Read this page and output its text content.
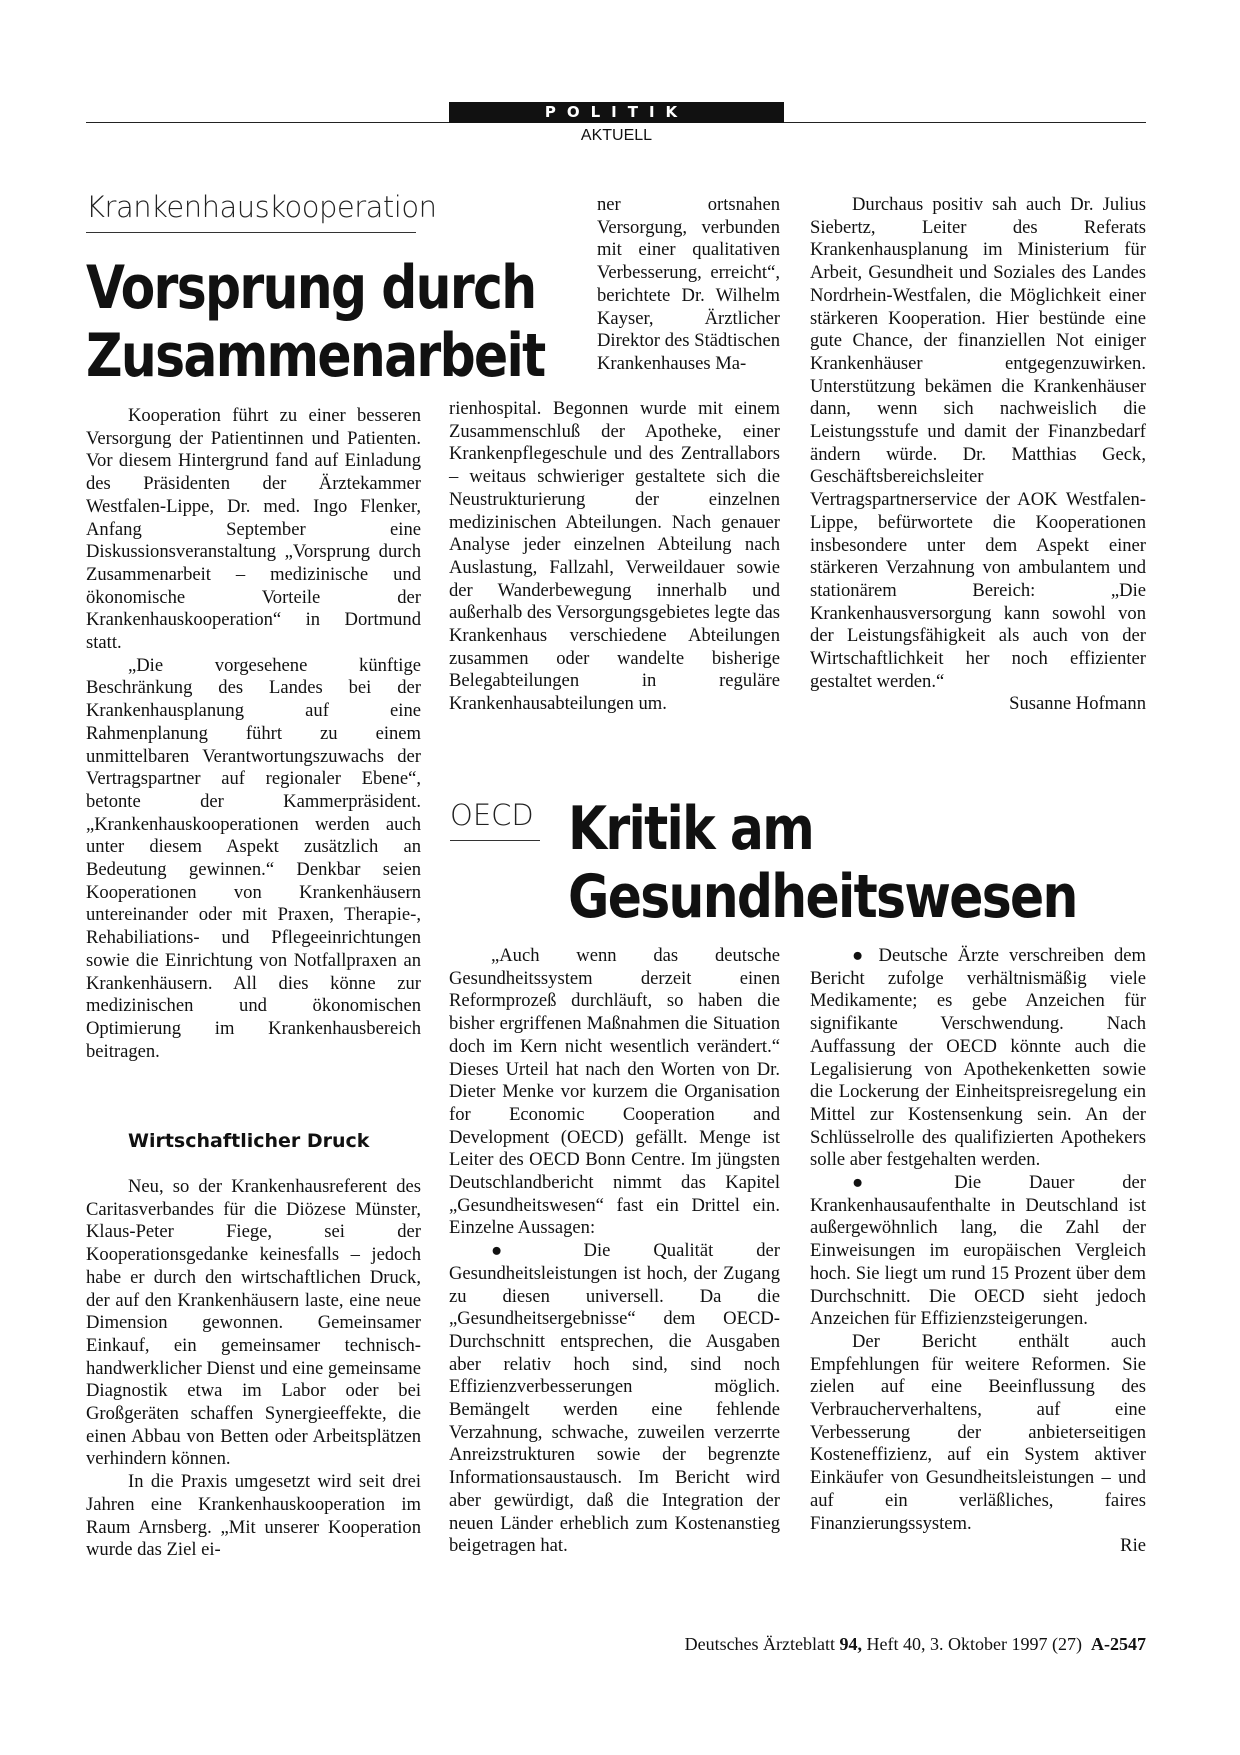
POLITIK
AKTUELL
Krankenhauskooperation
Vorsprung durch
Zusammenarbeit

Kooperation führt zu einer besseren Versorgung der Patientinnen und Patienten. Vor diesem Hintergrund fand auf Einladung des Präsidenten der Ärztekammer Westfalen-Lippe, Dr. med. Ingo Flenker, Anfang September eine Diskussionsveranstaltung „Vorsprung durch Zusammenarbeit – medizinische und ökonomische Vorteile der Krankenhauskooperation“ in Dortmund statt.

„Die vorgesehene künftige Beschränkung des Landes bei der Krankenhausplanung auf eine Rahmenplanung führt zu einem unmittelbaren Verantwortungszuwachs der Vertragspartner auf regionaler Ebene“, betonte der Kammerpräsident. „Krankenhauskooperationen werden auch unter diesem Aspekt zusätzlich an Bedeutung gewinnen.“ Denkbar seien Kooperationen von Krankenhäusern untereinander oder mit Praxen, Therapie-, Rehabiliations- und Pflegeeinrichtungen sowie die Einrichtung von Notfallpraxen an Krankenhäusern. All dies könne zur medizinischen und ökonomischen Optimierung im Krankenhausbereich beitragen.

Wirtschaftlicher Druck

Neu, so der Krankenhausreferent des Caritasverbandes für die Diözese Münster, Klaus-Peter Fiege, sei der Kooperationsgedanke keinesfalls – jedoch habe er durch den wirtschaftlichen Druck, der auf den Krankenhäusern laste, eine neue Dimension gewonnen. Gemeinsamer Einkauf, ein gemeinsamer technisch-handwerklicher Dienst und eine gemeinsame Diagnostik etwa im Labor oder bei Großgeräten schaffen Synergieeffekte, die einen Abbau von Betten oder Arbeitsplätzen verhindern können.

In die Praxis umgesetzt wird seit drei Jahren eine Krankenhauskooperation im Raum Arnsberg. „Mit unserer Kooperation wurde das Ziel ei-

ner ortsnahen Versorgung, verbunden mit einer qualitativen Verbesserung, erreicht“, berichtete Dr. Wilhelm Kayser, Ärztlicher Direktor des Städtischen Krankenhauses Ma-

rienhospital. Begonnen wurde mit einem Zusammenschluß der Apotheke, einer Krankenpflegeschule und des Zentrallabors – weitaus schwieriger gestaltete sich die Neustrukturierung der einzelnen medizinischen Abteilungen. Nach genauer Analyse jeder einzelnen Abteilung nach Auslastung, Fallzahl, Verweildauer sowie der Wanderbewegung innerhalb und außerhalb des Versorgungsgebietes legte das Krankenhaus verschiedene Abteilungen zusammen oder wandelte bisherige Belegabteilungen in reguläre Krankenhausabteilungen um.

Durchaus positiv sah auch Dr. Julius Siebertz, Leiter des Referats Krankenhausplanung im Ministerium für Arbeit, Gesundheit und Soziales des Landes Nordrhein-Westfalen, die Möglichkeit einer stärkeren Kooperation. Hier bestünde eine gute Chance, der finanziellen Not einiger Krankenhäuser entgegenzuwirken. Unterstützung bekämen die Krankenhäuser dann, wenn sich nachweislich die Leistungsstufe und damit der Finanzbedarf ändern würde. Dr. Matthias Geck, Geschäftsbereichsleiter Vertragspartnerservice der AOK Westfalen-Lippe, befürwortete die Kooperationen insbesondere unter dem Aspekt einer stärkeren Verzahnung von ambulantem und stationärem Bereich: „Die Krankenhausversorgung kann sowohl von der Leistungsfähigkeit als auch von der Wirtschaftlichkeit her noch effizienter gestaltet werden.“

Susanne Hofmann
OECD Kritik am
Gesundheitswesen

„Auch wenn das deutsche Gesundheitssystem derzeit einen Reformprozeß durchläuft, so haben die bisher ergriffenen Maßnahmen die Situation doch im Kern nicht wesentlich verändert.“ Dieses Urteil hat nach den Worten von Dr. Dieter Menke vor kurzem die Organisation for Economic Cooperation and Development (OECD) gefällt. Menge ist Leiter des OECD Bonn Centre. Im jüngsten Deutschlandbericht nimmt das Kapitel „Gesundheitswesen“ fast ein Drittel ein. Einzelne Aussagen:

● Die Qualität der Gesundheitsleistungen ist hoch, der Zugang zu diesen universell. Da die „Gesundheitsergebnisse“ dem OECD-Durchschnitt entsprechen, die Ausgaben aber relativ hoch sind, sind noch Effizienzverbesserungen möglich. Bemängelt werden eine fehlende Verzahnung, schwache, zuweilen verzerrte Anreizstrukturen sowie der begrenzte Informationsaustausch. Im Bericht wird aber gewürdigt, daß die Integration der neuen Länder erheblich zum Kostenanstieg beigetragen hat.

● Deutsche Ärzte verschreiben dem Bericht zufolge verhältnismäßig viele Medikamente; es gebe Anzeichen für signifikante Verschwendung. Nach Auffassung der OECD könnte auch die Legalisierung von Apothekenketten sowie die Lockerung der Einheitspreisregelung ein Mittel zur Kostensenkung sein. An der Schlüsselrolle des qualifizierten Apothekers solle aber festgehalten werden.

● Die Dauer der Krankenhausaufenthalte in Deutschland ist außergewöhnlich lang, die Zahl der Einweisungen im europäischen Vergleich hoch. Sie liegt um rund 15 Prozent über dem Durchschnitt. Die OECD sieht jedoch Anzeichen für Effizienzsteigerungen.

Der Bericht enthält auch Empfehlungen für weitere Reformen. Sie zielen auf eine Beeinflussung des Verbraucherverhaltens, auf eine Verbesserung der anbieterseitigen Kosteneffizienz, auf ein System aktiver Einkäufer von Gesundheitsleistungen – und auf ein verläßliches, faires Finanzierungssystem.

Rie
Deutsches Ärzteblatt 94, Heft 40, 3. Oktober 1997 (27) A-2547
